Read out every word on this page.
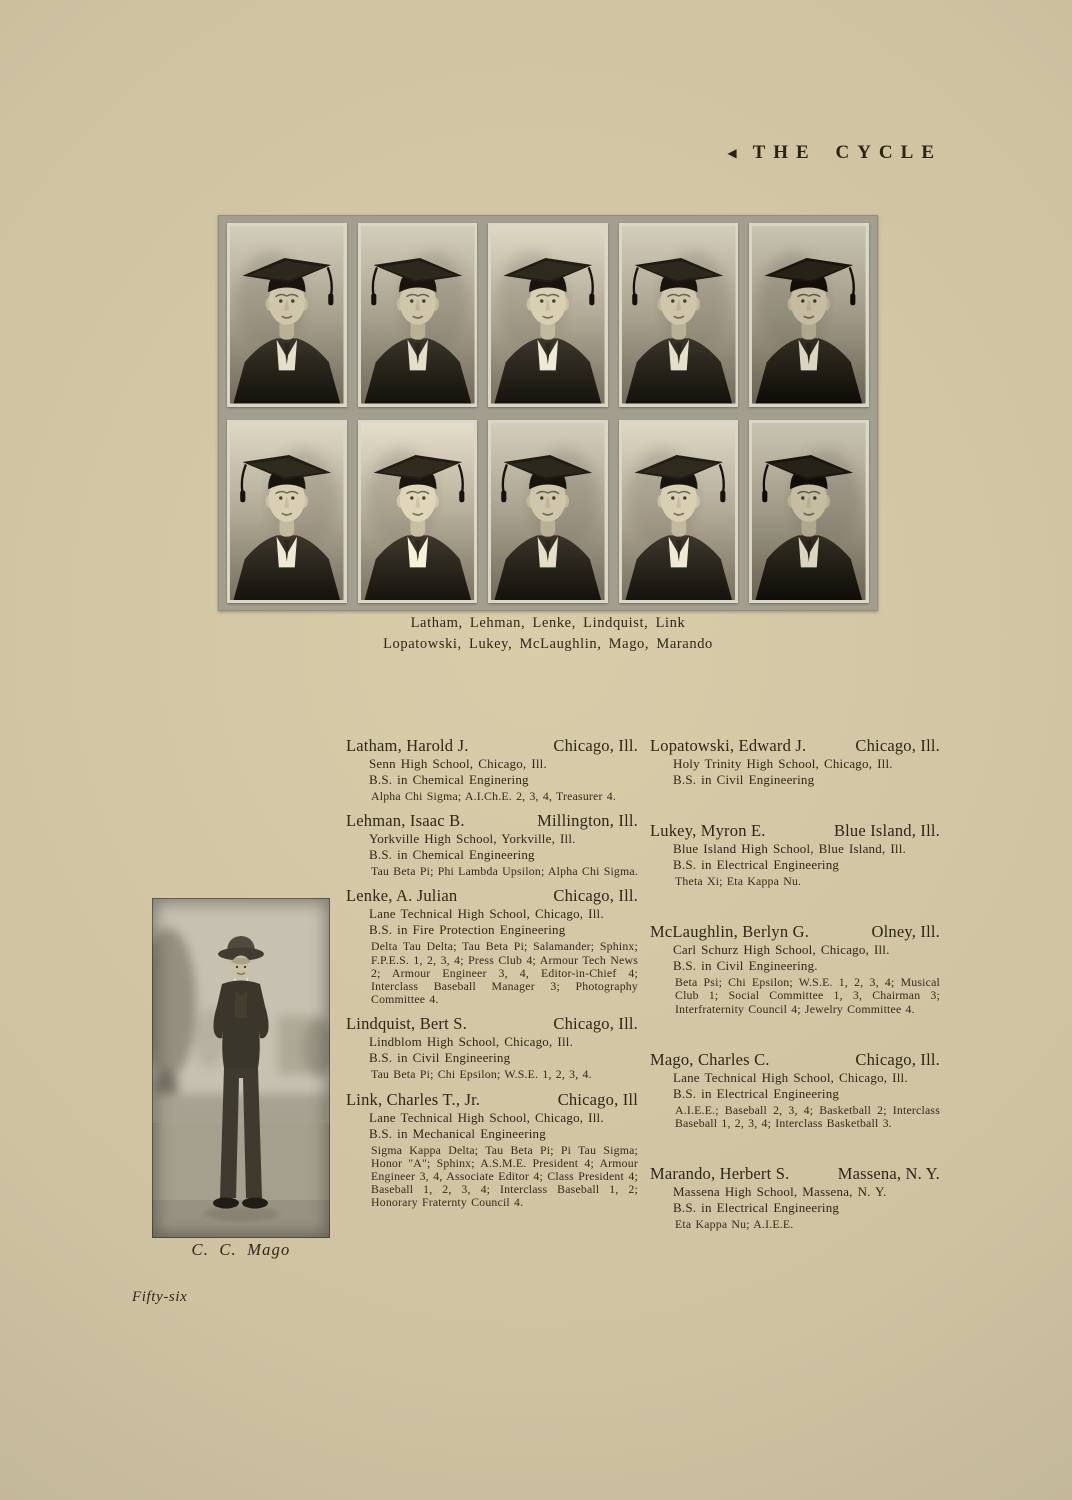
◀ THE CYCLE
Latham, Lehman, Lenke, Lindquist, Link
Lopatowski, Lukey, McLaughlin, Mago, Marando
C. C. Mago
Latham, Harold J.	Chicago, Ill.
Senn High School, Chicago, Ill.
B.S. in Chemical Enginering
Alpha Chi Sigma; A.I.Ch.E. 2, 3, 4, Treasurer 4.
Lehman, Isaac B.	Millington, Ill.
Yorkville High School, Yorkville, Ill.
B.S. in Chemical Engineering
Tau Beta Pi; Phi Lambda Upsilon; Alpha Chi Sigma.
Lenke, A. Julian	Chicago, Ill.
Lane Technical High School, Chicago, Ill.
B.S. in Fire Protection Engineering
Delta Tau Delta; Tau Beta Pi; Salamander; Sphinx; F.P.E.S. 1, 2, 3, 4; Press Club 4; Armour Tech News 2; Armour Engineer 3, 4, Editor-in-Chief 4; Interclass Baseball Manager 3; Photography Committee 4.
Lindquist, Bert S.	Chicago, Ill.
Lindblom High School, Chicago, Ill.
B.S. in Civil Engineering
Tau Beta Pi; Chi Epsilon; W.S.E. 1, 2, 3, 4.
Link, Charles T., Jr.	Chicago, Ill
Lane Technical High School, Chicago, Ill.
B.S. in Mechanical Engineering
Sigma Kappa Delta; Tau Beta Pi; Pi Tau Sigma; Honor "A"; Sphinx; A.S.M.E. President 4; Armour Engineer 3, 4, Associate Editor 4; Class President 4; Baseball 1, 2, 3, 4; Interclass Baseball 1, 2; Honorary Fraternty Council 4.
Lopatowski, Edward J.	Chicago, Ill.
Holy Trinity High School, Chicago, Ill.
B.S. in Civil Engineering
Lukey, Myron E.	Blue Island, Ill.
Blue Island High School, Blue Island, Ill.
B.S. in Electrical Engineering
Theta Xi; Eta Kappa Nu.
McLaughlin, Berlyn G.	Olney, Ill.
Carl Schurz High School, Chicago, Ill.
B.S. in Civil Engineering.
Beta Psi; Chi Epsilon; W.S.E. 1, 2, 3, 4; Musical Club 1; Social Committee 1, 3, Chairman 3; Interfraternity Council 4; Jewelry Committee 4.
Mago, Charles C.	Chicago, Ill.
Lane Technical High School, Chicago, Ill.
B.S. in Electrical Engineering
A.I.E.E.; Baseball 2, 3, 4; Basketball 2; Interclass Baseball 1, 2, 3, 4; Interclass Basketball 3.
Marando, Herbert S.	Massena, N. Y.
Massena High School, Massena, N. Y.
B.S. in Electrical Engineering
Eta Kappa Nu; A.I.E.E.
Fifty-six
